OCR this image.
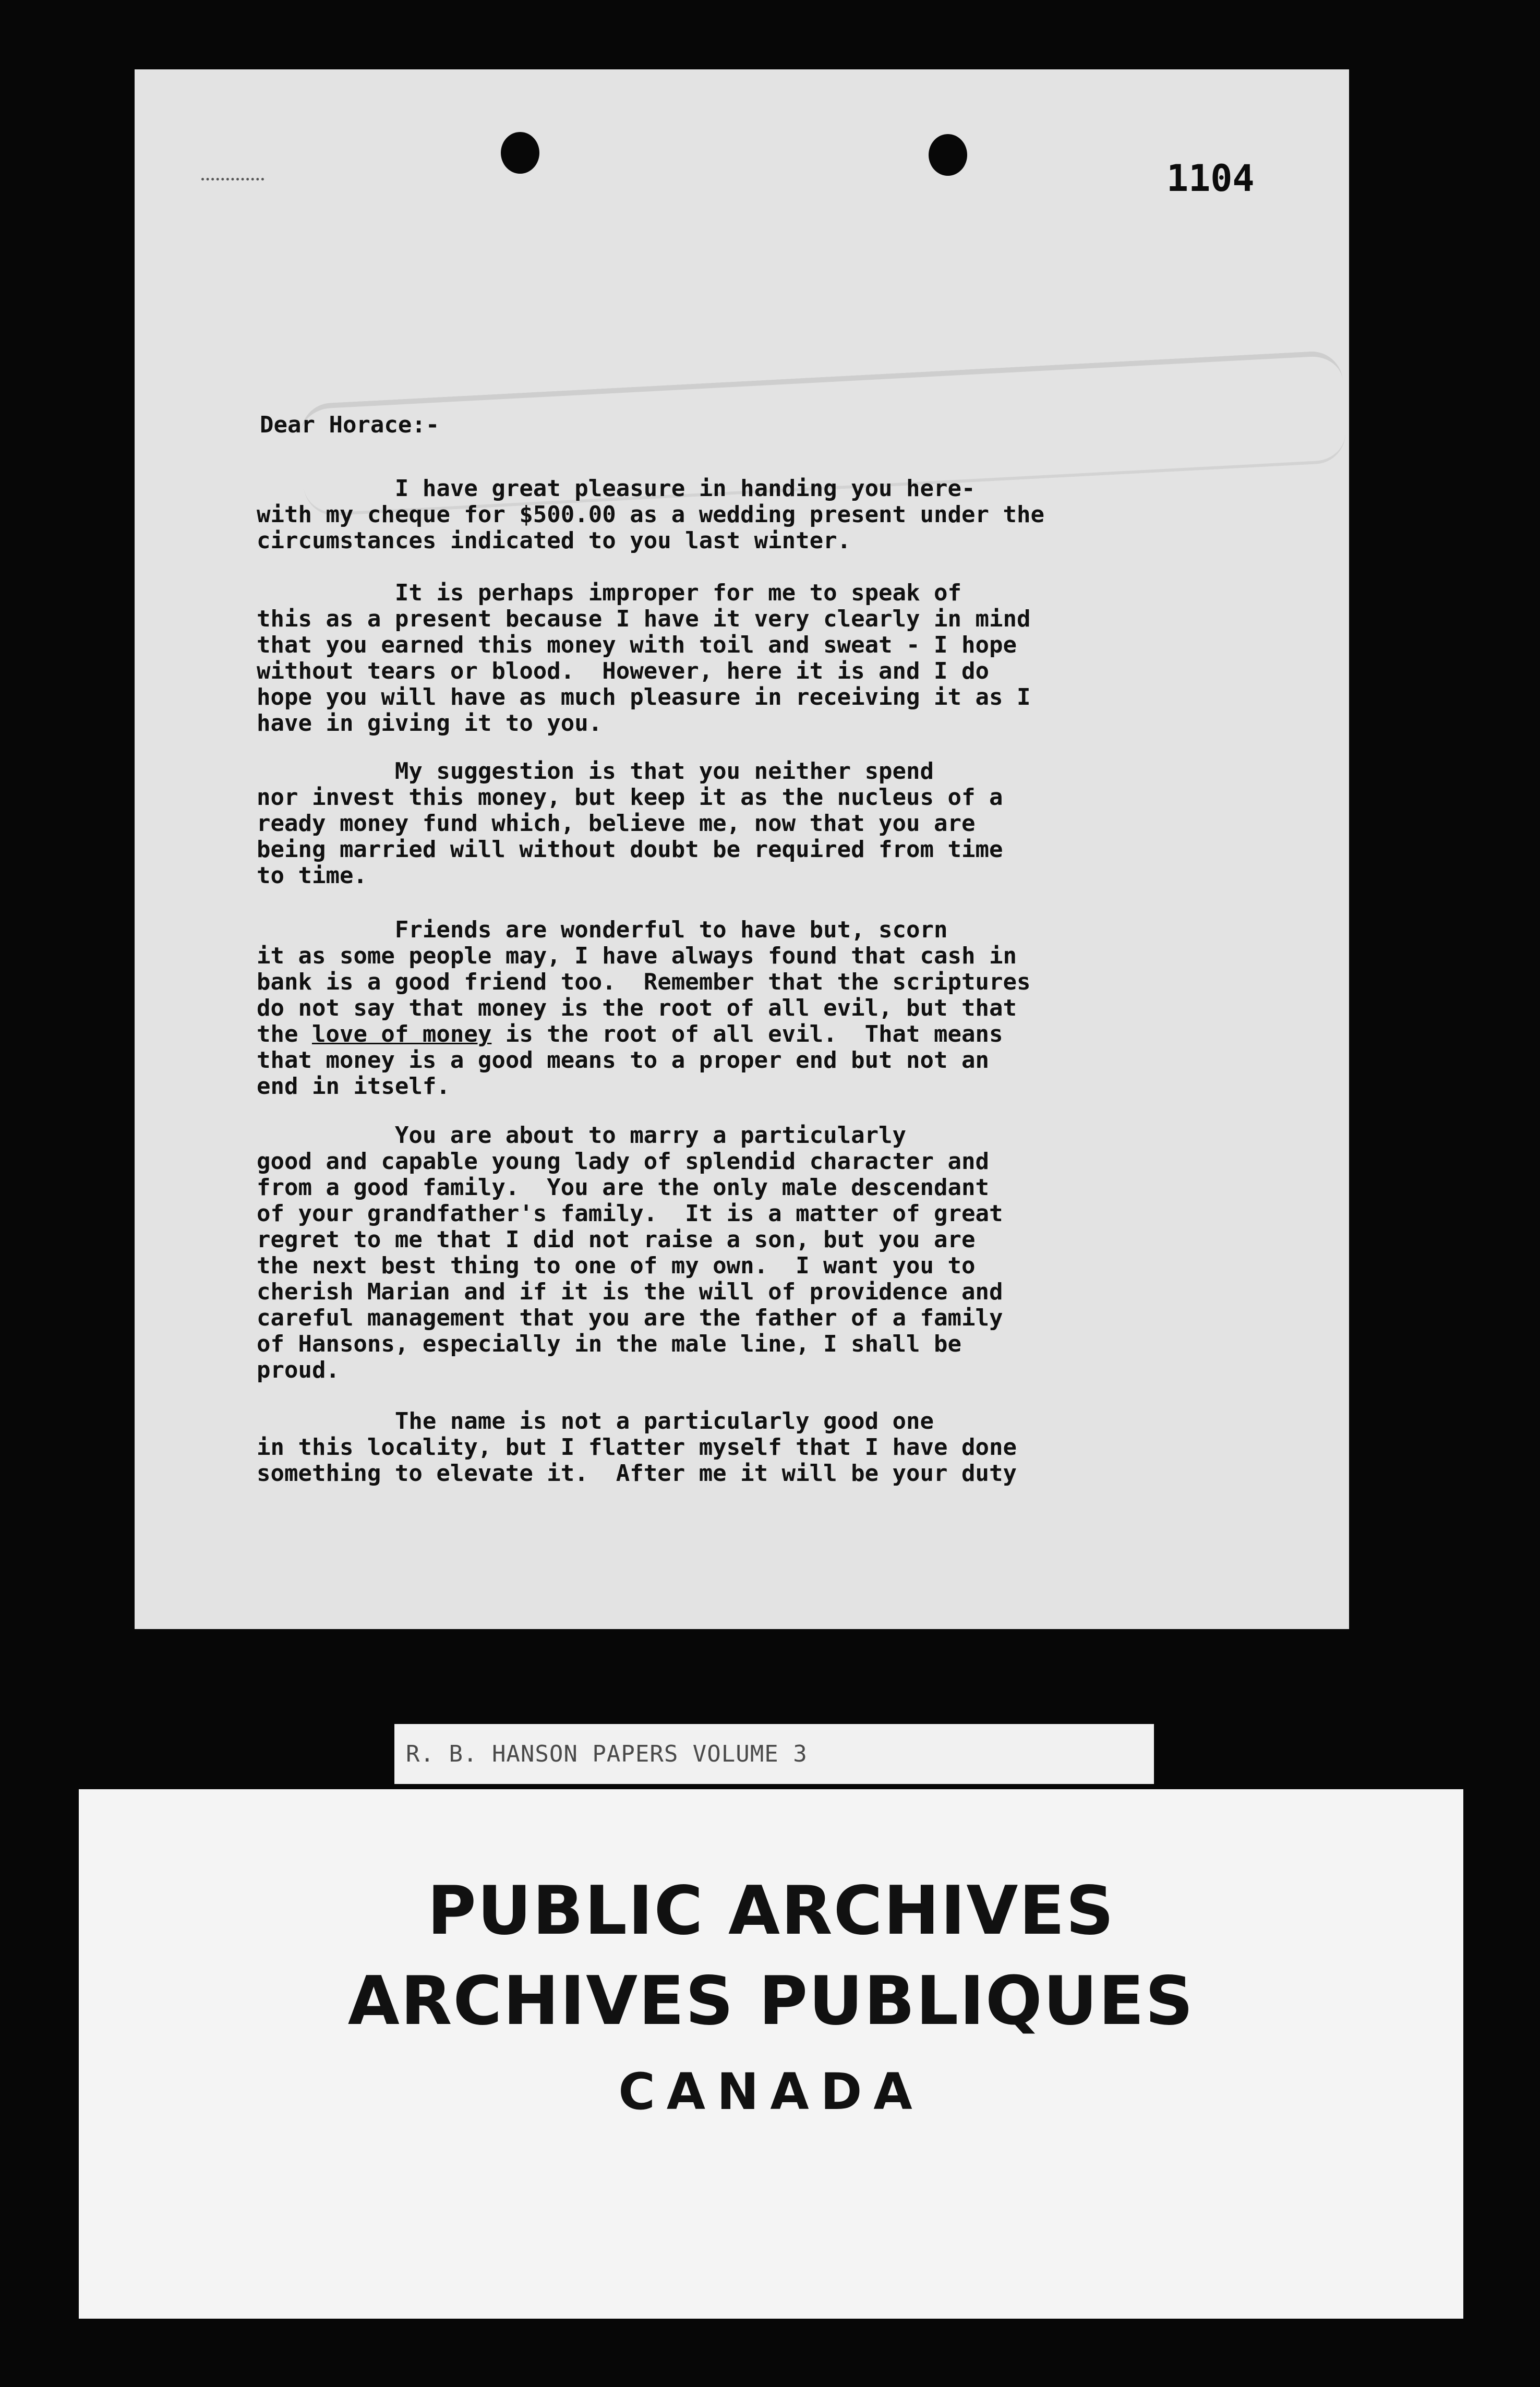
1104
Dear Horace:-

I have great pleasure in handing you here-

with my cheque for $500.00 as a wedding present under the

circumstances indicated to you last winter.

It is perhaps improper for me to speak of

this as a present because I have it very clearly in mind

that you earned this money with toil and sweat - I hope

without tears or blood.  However, here it is and I do

hope you will have as much pleasure in receiving it as I

have in giving it to you.

My suggestion is that you neither spend

nor invest this money, but keep it as the nucleus of a

ready money fund which, believe me, now that you are

being married will without doubt be required from time

to time.

Friends are wonderful to have but, scorn

it as some people may, I have always found that cash in

bank is a good friend too.  Remember that the scriptures

do not say that money is the root of all evil, but that

the love of money is the root of all evil.  That means

that money is a good means to a proper end but not an

end in itself.

You are about to marry a particularly

good and capable young lady of splendid character and

from a good family.  You are the only male descendant

of your grandfather's family.  It is a matter of great

regret to me that I did not raise a son, but you are

the next best thing to one of my own.  I want you to

cherish Marian and if it is the will of providence and

careful management that you are the father of a family

of Hansons, especially in the male line, I shall be

proud.

The name is not a particularly good one

in this locality, but I flatter myself that I have done

something to elevate it.  After me it will be your duty

R. B. HANSON PAPERS VOLUME 3
PUBLIC ARCHIVES
ARCHIVES PUBLIQUES
CANADA
